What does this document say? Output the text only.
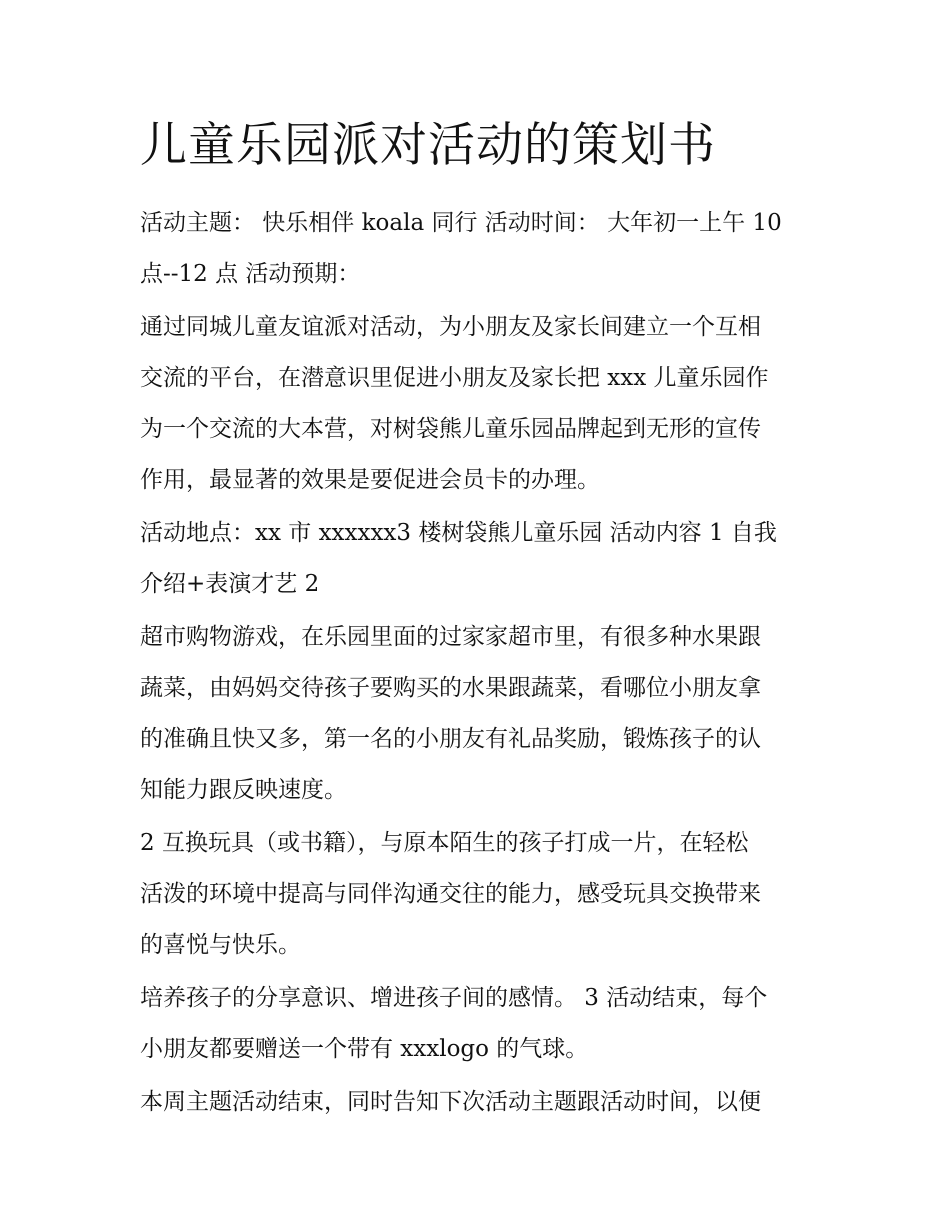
儿童乐园派对活动的策划书

活动主题： 快乐相伴 koala 同行 活动时间： 大年初一上午 10
点--12 点 活动预期：

通过同城儿童友谊派对活动，为小朋友及家长间建立一个互相
交流的平台，在潜意识里促进小朋友及家长把 xxx 儿童乐园作
为一个交流的大本营，对树袋熊儿童乐园品牌起到无形的宣传
作用，最显著的效果是要促进会员卡的办理。

活动地点：xx 市 xxxxxx3 楼树袋熊儿童乐园 活动内容 1 自我
介绍+表演才艺 2

超市购物游戏，在乐园里面的过家家超市里，有很多种水果跟
蔬菜，由妈妈交待孩子要购买的水果跟蔬菜，看哪位小朋友拿
的准确且快又多，第一名的小朋友有礼品奖励，锻炼孩子的认
知能力跟反映速度。

2 互换玩具（或书籍），与原本陌生的孩子打成一片，在轻松
活泼的环境中提高与同伴沟通交往的能力，感受玩具交换带来
的喜悦与快乐。

培养孩子的分享意识、增进孩子间的感情。 3 活动结束，每个
小朋友都要赠送一个带有 xxxlogo 的气球。

本周主题活动结束，同时告知下次活动主题跟活动时间，以便
